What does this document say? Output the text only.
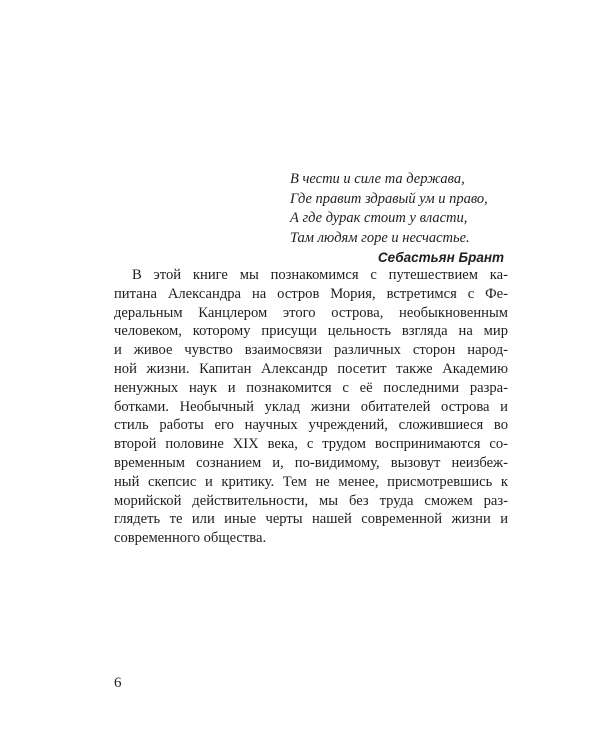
В чести и силе та держава,
Где правит здравый ум и право,
А где дурак стоит у власти,
Там людям горе и несчастье.
Себастьян Брант
В этой книге мы познакомимся с путешествием ка-
питана Александра на остров Мория, встретимся с Фе-
деральным Канцлером этого острова, необыкновенным
человеком, которому присущи цельность взгляда на мир
и живое чувство взаимосвязи различных сторон народ-
ной жизни. Капитан Александр посетит также Академию
ненужных наук и познакомится с её последними разра-
ботками. Необычный уклад жизни обитателей острова и
стиль работы его научных учреждений, сложившиеся во
второй половине XIX века, с трудом воспринимаются со-
временным сознанием и, по-видимому, вызовут неизбеж-
ный скепсис и критику. Тем не менее, присмотревшись к
морийской действительности, мы без труда сможем раз-
глядеть те или иные черты нашей современной жизни и
современного общества.
6
